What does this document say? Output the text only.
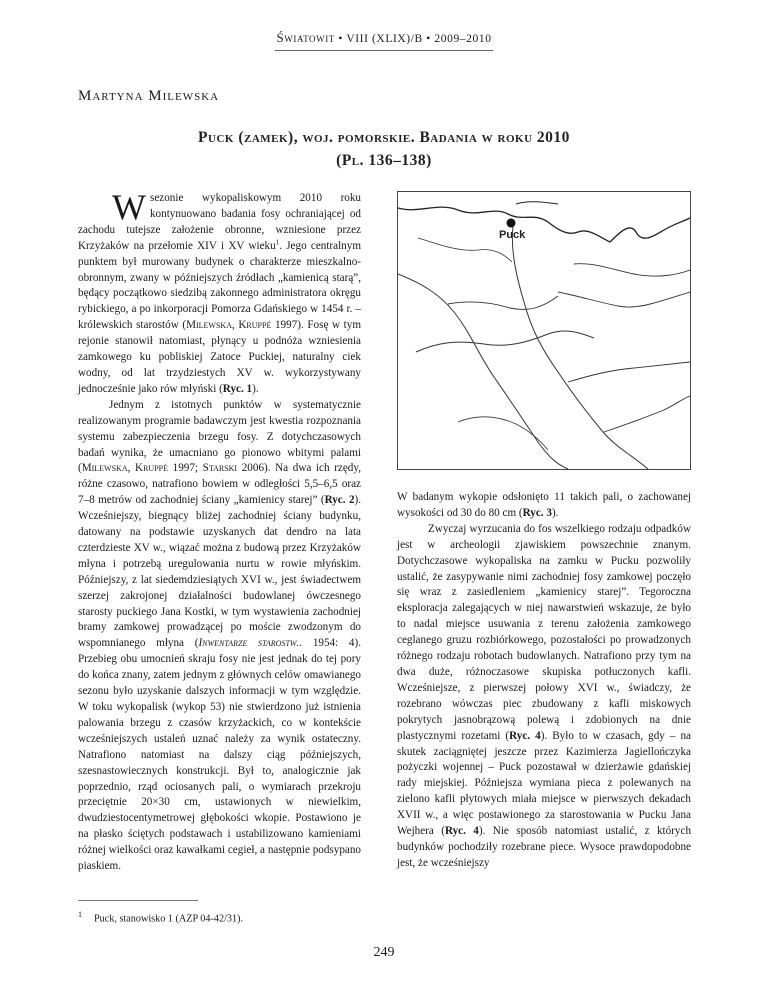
Światowit • VIII (XLIX)/B • 2009–2010
Martyna Milewska
Puck (zamek), woj. pomorskie. Badania w roku 2010
(Pl. 136–138)

W sezonie wykopaliskowym 2010 roku kontynuowano badania fosy ochraniającej od zachodu tutejsze założenie obronne, wzniesione przez Krzyżaków na przełomie XIV i XV wieku$^1$. Jego centralnym punktem był murowany budynek o charakterze mieszkalno-obronnym, zwany w późniejszych źródłach „kamienicą starą”, będący początkowo siedzibą zakonnego administratora okręgu rybickiego, a po inkorporacji Pomorza Gdańskiego w 1454 r. – królewskich starostów (Milewska, Kruppé 1997). Fosę w tym rejonie stanowił natomiast, płynący u podnóża wzniesienia zamkowego ku pobliskiej Zatoce Puckiej, naturalny ciek wodny, od lat trzydziestych XV w. wykorzystywany jednocześnie jako rów młyński (Ryc. 1).

Jednym z istotnych punktów w systematycznie realizowanym programie badawczym jest kwestia rozpoznania systemu zabezpieczenia brzegu fosy. Z dotychczasowych badań wynika, że umacniano go pionowo wbitymi palami (Milewska, Kruppé 1997; Starski 2006). Na dwa ich rzędy, różne czasowo, natrafiono bowiem w odległości 5,5–6,5 oraz 7–8 metrów od zachodniej ściany „kamienicy starej” (Ryc. 2). Wcześniejszy, biegnący bliżej zachodniej ściany budynku, datowany na podstawie uzyskanych dat dendro na lata czterdzieste XV w., wiązać można z budową przez Krzyżaków młyna i potrzebą uregulowania nurtu w rowie młyńskim. Późniejszy, z lat siedemdziesiątych XVI w., jest świadectwem szerzej zakrojonej działalności budowlanej ówczesnego starosty puckiego Jana Kostki, w tym wystawienia zachodniej bramy zamkowej prowadzącej po moście zwodzonym do wspomnianego młyna (Inwentarze starostw.. 1954: 4). Przebieg obu umocnień skraju fosy nie jest jednak do tej pory do końca znany, zatem jednym z głównych celów omawianego sezonu było uzyskanie dalszych informacji w tym względzie. W toku wykopalisk (wykop 53) nie stwierdzono już istnienia palowania brzegu z czasów krzyżackich, co w kontekście wcześniejszych ustaleń uznać należy za wynik ostateczny. Natrafiono natomiast na dalszy ciąg późniejszych, szesnastowiecznych konstrukcji. Był to, analogicznie jak poprzednio, rząd ociosanych pali, o wymiarach przekroju przeciętnie 20×30 cm, ustawionych w niewielkim, dwudziestocentymetrowej głębokości wkopie. Postawiono je na płasko ściętych podstawach i ustabilizowano kamieniami różnej wielkości oraz kawałkami cegieł, a następnie podsypano piaskiem.

Puck

W badanym wykopie odsłonięto 11 takich pali, o zachowanej wysokości od 30 do 80 cm (Ryc. 3).

Zwyczaj wyrzucania do fos wszelkiego rodzaju odpadków jest w archeologii zjawiskiem powszechnie znanym. Dotychczasowe wykopaliska na zamku w Pucku pozwoliły ustalić, że zasypywanie nimi zachodniej fosy zamkowej poczęło się wraz z zasiedleniem „kamienicy starej”. Tegoroczna eksploracja zalegających w niej nawarstwień wskazuje, że było to nadal miejsce usuwania z terenu założenia zamkowego ceglanego gruzu rozbiórkowego, pozostałości po prowadzonych różnego rodzaju robotach budowlanych. Natrafiono przy tym na dwa duże, różnoczasowe skupiska potłuczonych kafli. Wcześniejsze, z pierwszej połowy XVI w., świadczy, że rozebrano wówczas piec zbudowany z kafli miskowych pokrytych jasnobrązową polewą i zdobionych na dnie plastycznymi rozetami (Ryc. 4). Było to w czasach, gdy – na skutek zaciągniętej jeszcze przez Kazimierza Jagiellończyka pożyczki wojennej – Puck pozostawał w dzierżawie gdańskiej rady miejskiej. Późniejsza wymiana pieca z polewanych na zielono kafli płytowych miała miejsce w pierwszych dekadach XVII w., a więc postawionego za starostowania w Pucku Jana Wejhera (Ryc. 4). Nie sposób natomiast ustalić, z których budynków pochodziły rozebrane piece. Wysoce prawdopodobne jest, że wcześniejszy

1 Puck, stanowisko 1 (AZP 04-42/31).
249
